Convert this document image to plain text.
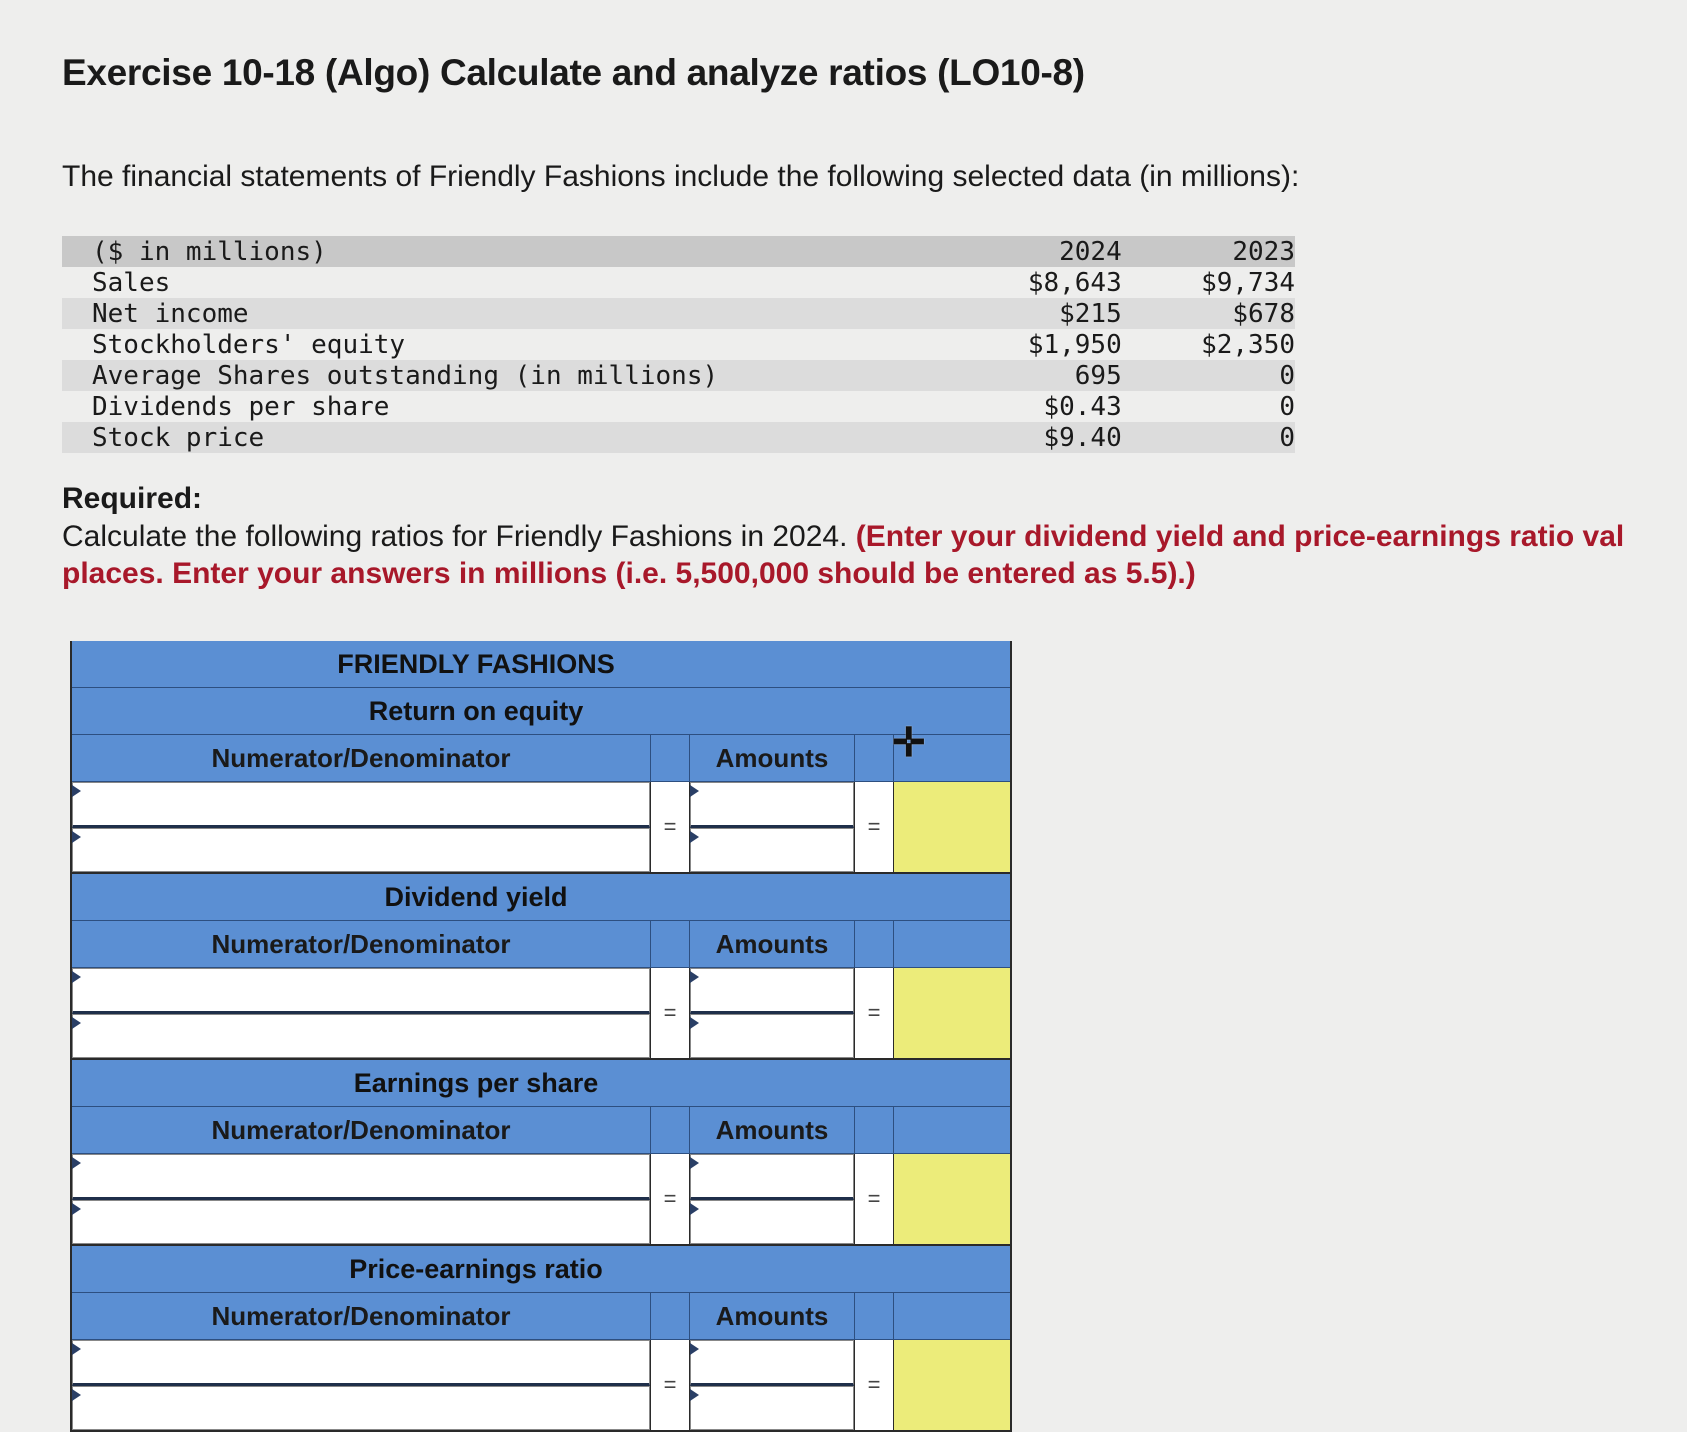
Exercise 10-18 (Algo) Calculate and analyze ratios (LO10-8)
The financial statements of Friendly Fashions include the following selected data (in millions):
($ in millions)	2024	2023
Sales	$8,643	$9,734
Net income	$215	$678
Stockholders' equity	$1,950	$2,350
Average Shares outstanding (in millions)	695	0
Dividends per share	$0.43	0
Stock price	$9.40	0
Required:
Calculate the following ratios for Friendly Fashions in 2024. (Enter your dividend yield and price-earnings ratio val
places. Enter your answers in millions (i.e. 5,500,000 should be entered as 5.5).)
FRIENDLY FASHIONS
Return on equity
Numerator/Denominator	Amounts
=	=
Dividend yield
Numerator/Denominator	Amounts
=	=
Earnings per share
Numerator/Denominator	Amounts
=	=
Price-earnings ratio
Numerator/Denominator	Amounts
=	=
✛
